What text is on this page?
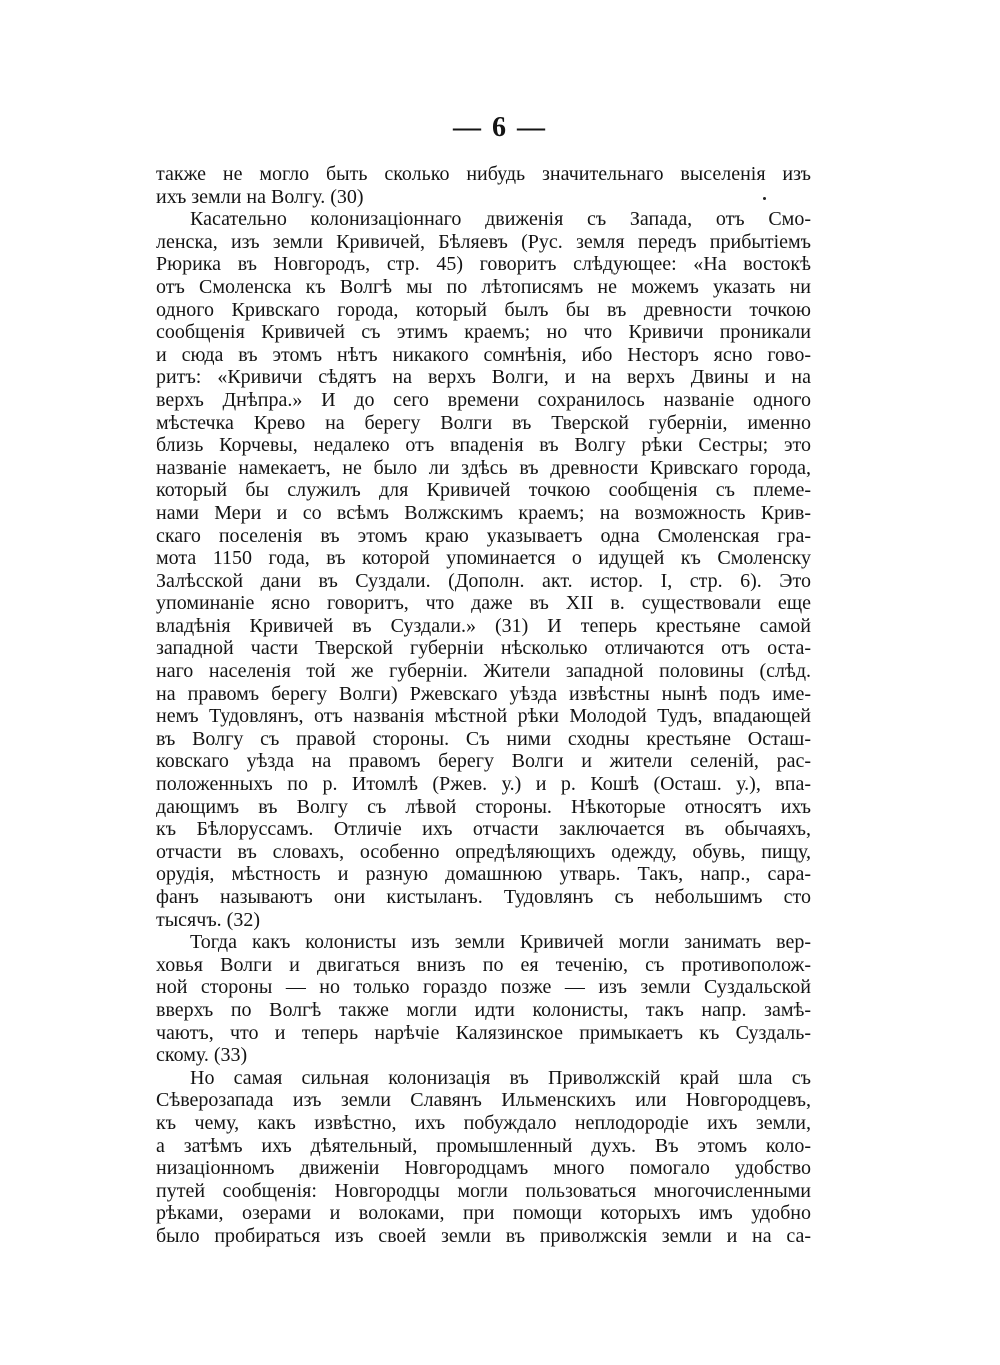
— 6 —
также не могло быть сколько нибудь значительнаго выселенія изъ
ихъ земли на Волгу. (30)
Касательно колонизаціоннаго движенія съ Запада, отъ Смо-
ленска, изъ земли Кривичей, Бѣляевъ (Рус. земля передъ прибытіемъ
Рюрика въ Новгородъ, стр. 45) говоритъ слѣдующее: «На востокѣ
отъ Смоленска къ Волгѣ мы по лѣтописямъ не можемъ указать ни
одного Кривскаго города, который былъ бы въ древности точкою
сообщенія Кривичей съ этимъ краемъ; но что Кривичи проникали
и сюда въ этомъ нѣтъ никакого сомнѣнія, ибо Несторъ ясно гово-
ритъ: «Кривичи сѣдятъ на верхъ Волги, и на верхъ Двины и на
верхъ Днѣпра.» И до сего времени сохранилось названіе одного
мѣстечка Крево на берегу Волги въ Тверской губерніи, именно
близь Корчевы, недалеко отъ впаденія въ Волгу рѣки Сестры; это
названіе намекаетъ, не было ли здѣсь въ древности Кривскаго города,
который бы служилъ для Кривичей точкою сообщенія съ племе-
нами Мери и со всѣмъ Волжскимъ краемъ; на возможность Крив-
скаго поселенія въ этомъ краю указываетъ одна Смоленская гра-
мота 1150 года, въ которой упоминается о идущей къ Смоленску
Залѣсской дани въ Суздали. (Дополн. акт. истор. I, стр. 6). Это
упоминаніе ясно говоритъ, что даже въ XII в. существовали еще
владѣнія Кривичей въ Суздали.» (31) И теперь крестьяне самой
западной части Тверской губерніи нѣсколько отличаются отъ оста-
наго населенія той же губерніи. Жители западной половины (слѣд.
на правомъ берегу Волги) Ржевскаго уѣзда извѣстны нынѣ подъ име-
немъ Тудовлянъ, отъ названія мѣстной рѣки Молодой Тудъ, впадающей
въ Волгу съ правой стороны. Съ ними сходны крестьяне Осташ-
ковскаго уѣзда на правомъ берегу Волги и жители селеній, рас-
положенныхъ по р. Итомлѣ (Ржев. у.) и р. Кошѣ (Осташ. у.), впа-
дающимъ въ Волгу съ лѣвой стороны. Нѣкоторые относятъ ихъ
къ Бѣлоруссамъ. Отличіе ихъ отчасти заключается въ обычаяхъ,
отчасти въ словахъ, особенно опредѣляющихъ одежду, обувь, пищу,
орудія, мѣстность и разную домашнюю утварь. Такъ, напр., сара-
фанъ называютъ они кистыланъ. Тудовлянъ съ небольшимъ сто
тысячъ. (32)
Тогда какъ колонисты изъ земли Кривичей могли занимать вер-
ховья Волги и двигаться внизъ по ея теченію, съ противополож-
ной стороны — но только гораздо позже — изъ земли Суздальской
вверхъ по Волгѣ также могли идти колонисты, такъ напр. замѣ-
чаютъ, что и теперь нарѣчіе Калязинское примыкаетъ къ Суздаль-
скому. (33)
Но самая сильная колонизація въ Приволжскій край шла съ
Сѣверозапада изъ земли Славянъ Ильменскихъ или Новгородцевъ,
къ чему, какъ извѣстно, ихъ побуждало неплодородіе ихъ земли,
а затѣмъ ихъ дѣятельный, промышленный духъ. Въ этомъ коло-
низаціонномъ движеніи Новгородцамъ много помогало удобство
путей сообщенія: Новгородцы могли пользоваться многочисленными
рѣками, озерами и волоками, при помощи которыхъ имъ удобно
было пробираться изъ своей земли въ приволжскія земли и на са-
